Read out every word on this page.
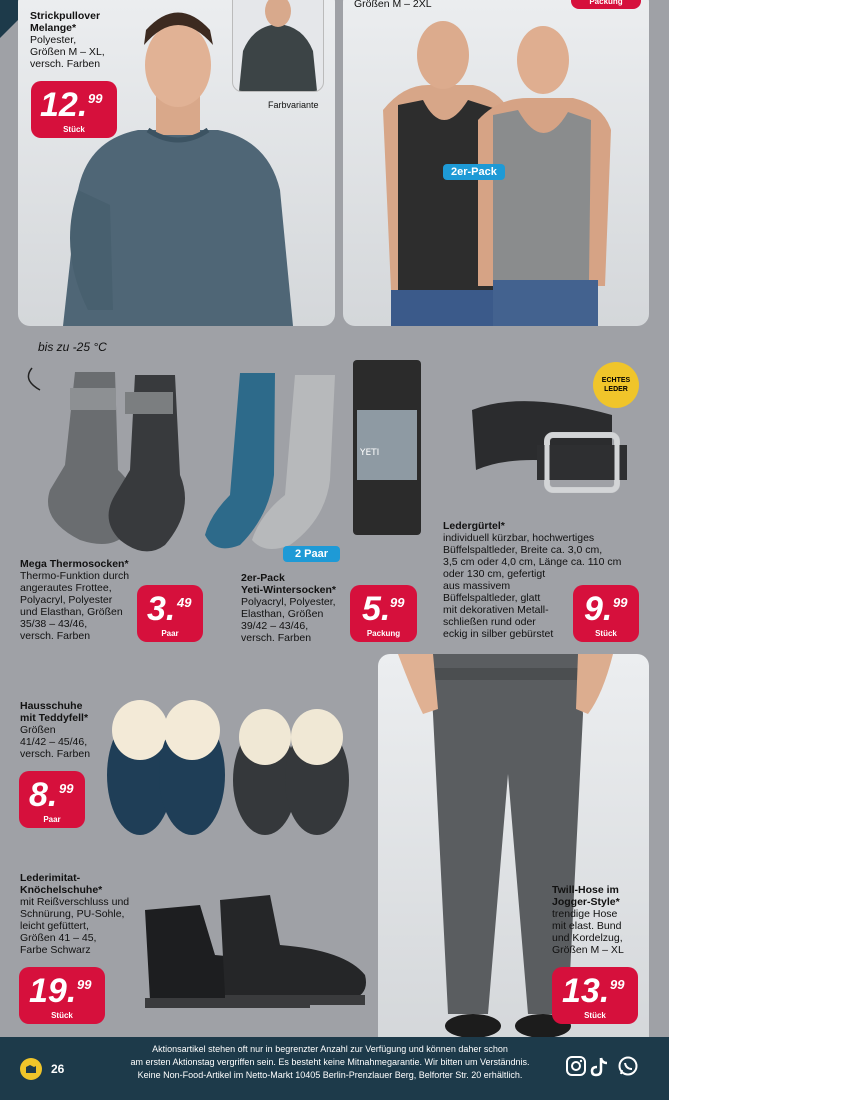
Farbvariante
Strickpullover Melange*
Polyester,
Größen M – XL,
versch. Farben
12. 99
Stück
Größen M – 2XL	Packung
2er-Pack
bis zu -25 °C
Mega Thermosocken*
Thermo-Funktion durch
angerautes Frottee,
Polyacryl, Polyester
und Elasthan, Größen
35/38 – 43/46,
versch. Farben
3. 49
Paar
YETI
2 Paar
2er-Pack
Yeti-Wintersocken*
Polyacryl, Polyester,
Elasthan, Größen
39/42 – 43/46,
versch. Farben
5. 99
Packung
ECHTES LEDER
Ledergürtel*
individuell kürzbar, hochwertiges
Büffelspaltleder, Breite ca. 3,0 cm,
3,5 cm oder 4,0 cm, Länge ca. 110 cm
oder 130 cm, gefertigt
aus massivem
Büffelspaltleder, glatt
mit dekorativen Metall-
schließen rund oder
eckig in silber gebürstet
9. 99
Stück
Hausschuhe
mit Teddyfell*
Größen
41/42 – 45/46,
versch. Farben
8. 99
Paar
Lederimitat-
Knöchelschuhe*
mit Reißverschluss und
Schnürung, PU-Sohle,
leicht gefüttert,
Größen 41 – 45,
Farbe Schwarz
19. 99
Stück
Twill-Hose im
Jogger-Style*
trendige Hose
mit elast. Bund
und Kordelzug,
Größen M – XL
13. 99
Stück
26
Aktionsartikel stehen oft nur in begrenzter Anzahl zur Verfügung und können daher schon
am ersten Aktionstag vergriffen sein. Es besteht keine Mitnahmegarantie. Wir bitten um Verständnis.
Keine Non-Food-Artikel im Netto-Markt 10405 Berlin-Prenzlauer Berg, Belforter Str. 20 erhältlich.
